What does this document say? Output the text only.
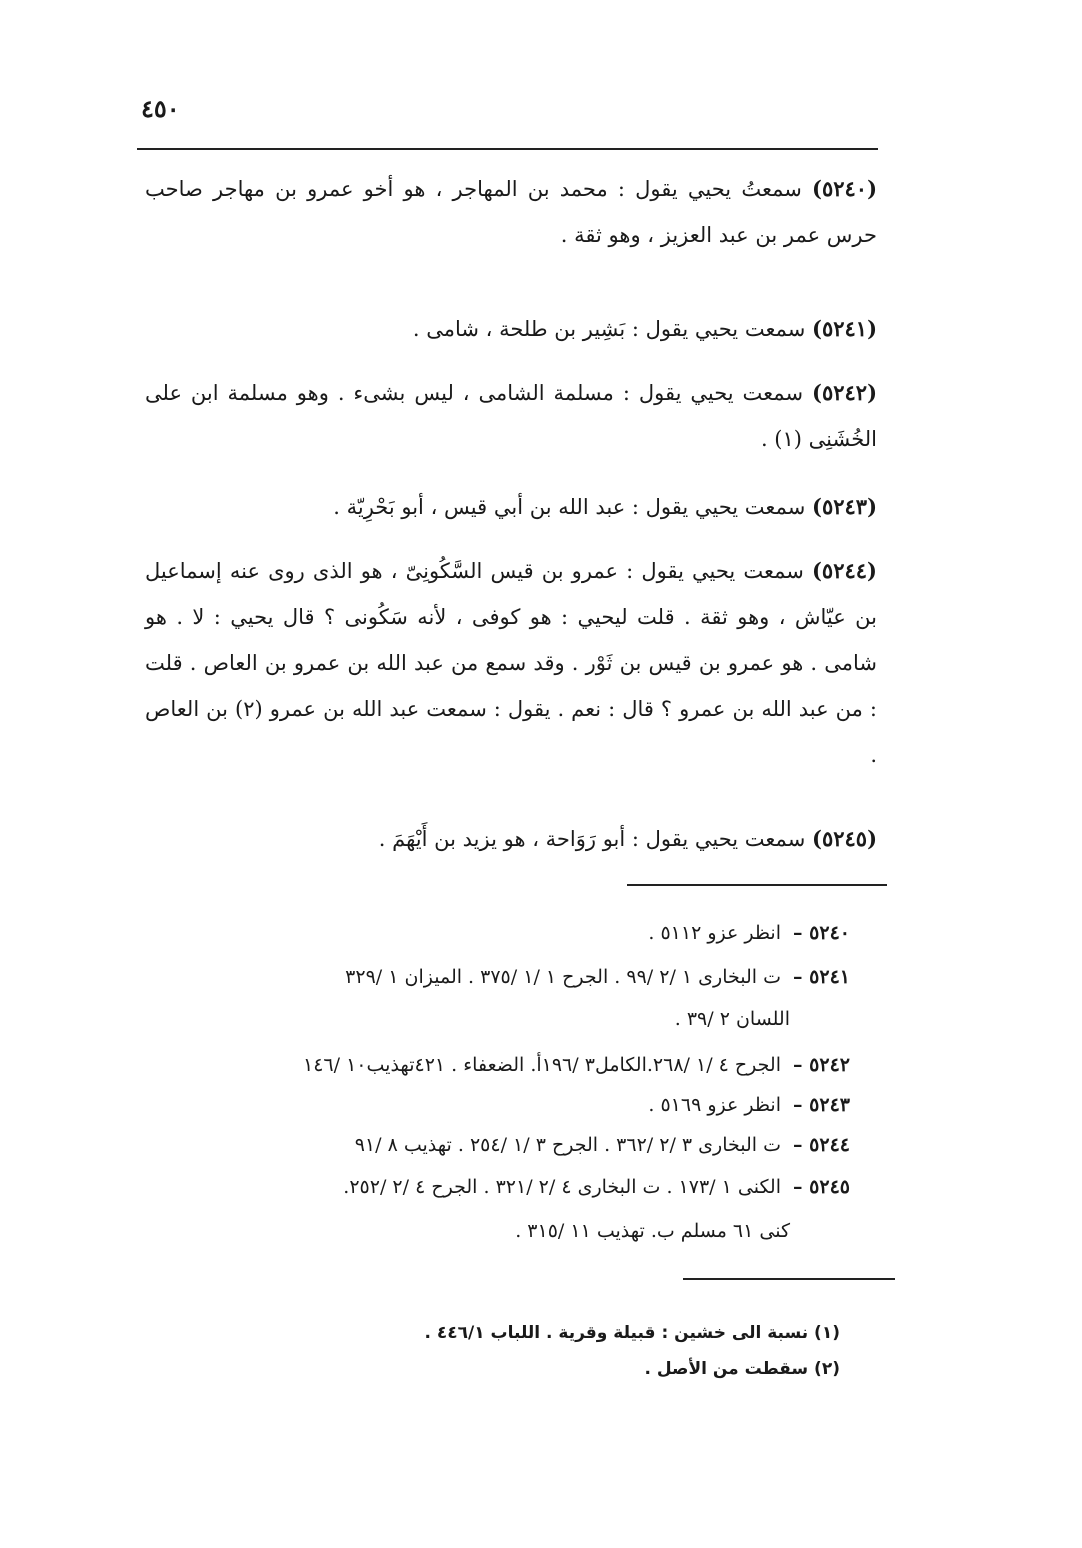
٤٥٠
(٥٢٤٠) سمعتُ يحيي يقول : محمد بن المهاجر ، هو أخو عمرو بن مهاجر صاحب حرس عمر بن عبد العزيز ، وهو ثقة .
(٥٢٤١) سمعت يحيي يقول : بَشِير بن طلحة ، شامى .
(٥٢٤٢) سمعت يحيي يقول : مسلمة الشامى ، ليس بشىء . وهو مسلمة ابن على الخُشَنِى (١) .
(٥٢٤٣) سمعت يحيي يقول : عبد الله بن أبي قيس ، أبو بَحْرِيّة .
(٥٢٤٤) سمعت يحيي يقول : عمرو بن قيس السَّكُونِىّ ، هو الذى روى عنه إسماعيل بن عيّاش ، وهو ثقة . قلت ليحيي : هو كوفى ، لأنه سَكُونى ؟ قال يحيي : لا . هو شامى . هو عمرو بن قيس بن ثَوْر . وقد سمع من عبد الله بن عمرو بن العاص . قلت : من عبد الله بن عمرو ؟ قال : نعم . يقول : سمعت عبد الله بن عمرو (٢) بن العاص .
(٥٢٤٥) سمعت يحيي يقول : أبو رَوَاحة ، هو يزيد بن أَيْهَمَ .
٥٢٤٠ – انظر عزو ٥١١٢ .
٥٢٤١ – ت البخارى ١ /٢ /٩٩ . الجرح ١ /١ /٣٧٥ . الميزان ١ /٣٢٩
اللسان ٢ /٣٩ .
٥٢٤٢ – الجرح ٤ /١ /٢٦٨.الكامل٣ /١٩٦أ. الضعفاء . ٤٢١تهذيب١٠ /١٤٦
٥٢٤٣ – انظر عزو ٥١٦٩ .
٥٢٤٤ – ت البخارى ٣ /٢ /٣٦٢ . الجرح ٣ /١ /٢٥٤ . تهذيب ٨ /٩١
٥٢٤٥ – الكنى ١ /١٧٣ . ت البخارى ٤ /٢ /٣٢١ . الجرح ٤ /٢ /٢٥٢.
كنى ٦١ مسلم ب. تهذيب ١١ /٣١٥ .
(١) نسبة الى خشين : قبيلة وقرية . اللباب ٤٤٦/١ .
(٢) سقطت من الأصل .
